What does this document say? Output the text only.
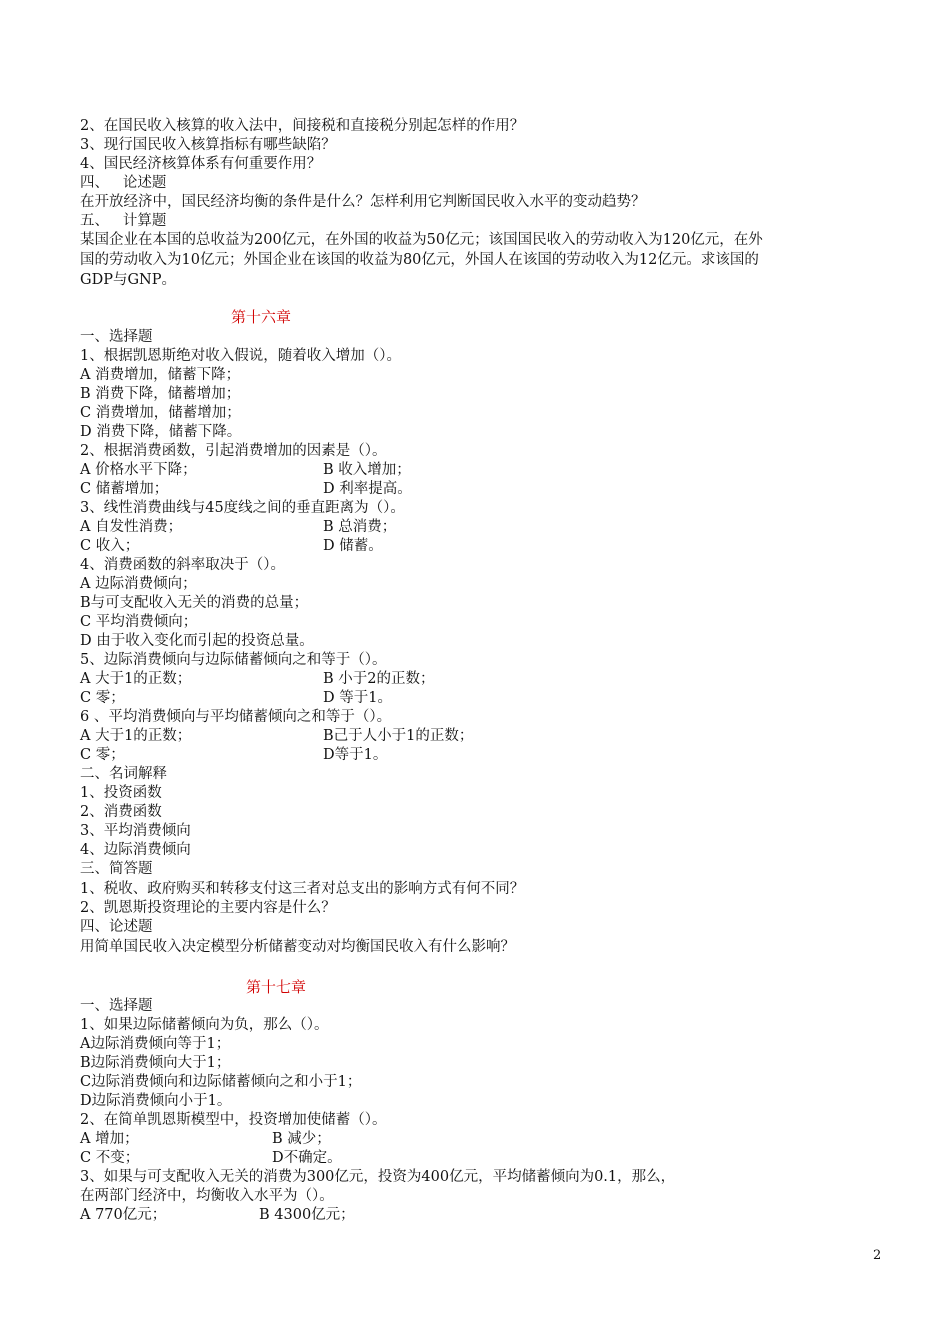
2、在国民收入核算的收入法中，间接税和直接税分别起怎样的作用？
3、现行国民收入核算指标有哪些缺陷？
4、国民经济核算体系有何重要作用？
四、   论述题
在开放经济中，国民经济均衡的条件是什么？怎样利用它判断国民收入水平的变动趋势？
五、   计算题
某国企业在本国的总收益为200亿元，在外国的收益为50亿元；该国国民收入的劳动收入为120亿元，在外
国的劳动收入为10亿元；外国企业在该国的收益为80亿元，外国人在该国的劳动收入为12亿元。求该国的
GDP与GNP。
第十六章
一、选择题
1、根据凯恩斯绝对收入假说，随着收入增加（）。
A 消费增加，储蓄下降；
B 消费下降，储蓄增加；
C 消费增加，储蓄增加；
D 消费下降，储蓄下降。
2、根据消费函数，引起消费增加的因素是（）。
A 价格水平下降；	B 收入增加；
C 储蓄增加；	D 利率提高。
3、线性消费曲线与45度线之间的垂直距离为（）。
A 自发性消费；	B 总消费；
C 收入；	D 储蓄。
4、消费函数的斜率取决于（）。
A 边际消费倾向；
B与可支配收入无关的消费的总量；
C 平均消费倾向；
D 由于收入变化而引起的投资总量。
5、边际消费倾向与边际储蓄倾向之和等于（）。
A 大于1的正数；	B 小于2的正数；
C 零；	D 等于1。
6 、平均消费倾向与平均储蓄倾向之和等于（）。
A 大于1的正数；	B己于人小于1的正数；
C 零；	D等于1。
二、名词解释
1、投资函数
2、消费函数
3、平均消费倾向
4、边际消费倾向
三、简答题
1、税收、政府购买和转移支付这三者对总支出的影响方式有何不同？
2、凯恩斯投资理论的主要内容是什么？
四、论述题
用简单国民收入决定模型分析储蓄变动对均衡国民收入有什么影响？
第十七章
一、选择题
1、如果边际储蓄倾向为负，那么（）。
A边际消费倾向等于1；
B边际消费倾向大于1；
C边际消费倾向和边际储蓄倾向之和小于1；
D边际消费倾向小于1。
2、在简单凯恩斯模型中，投资增加使储蓄（）。
A 增加；	B 减少；
C 不变；	D不确定。
3、如果与可支配收入无关的消费为300亿元，投资为400亿元，平均储蓄倾向为0.1，那么，
在两部门经济中，均衡收入水平为（）。
A 770亿元；	B 4300亿元；
2
